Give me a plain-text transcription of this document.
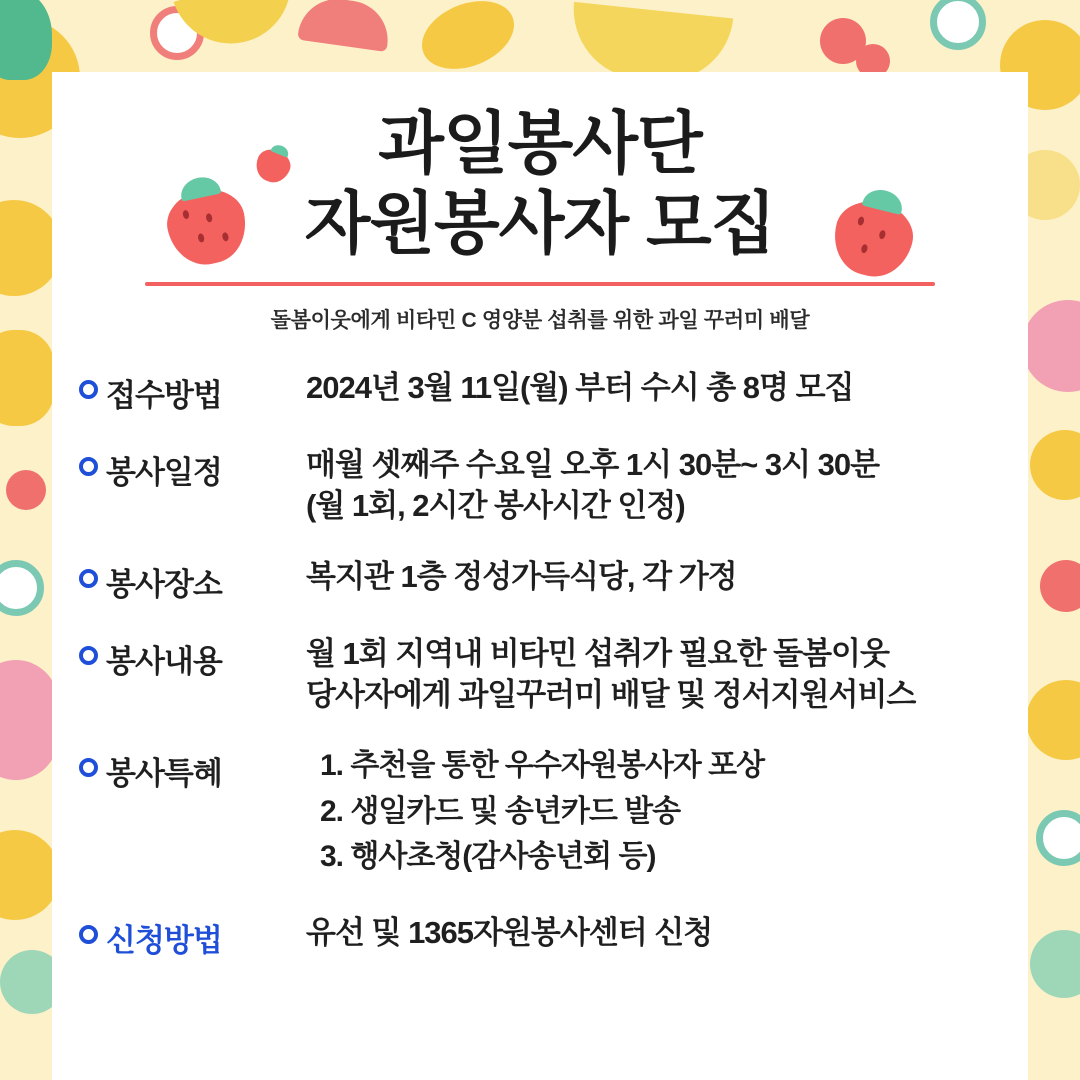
과일봉사단
자원봉사자 모집
돌봄이웃에게 비타민 C 영양분 섭취를 위한 과일 꾸러미 배달
접수방법	2024년 3월 11일(월) 부터 수시 총 8명 모집
봉사일정	매월 셋째주 수요일 오후 1시 30분~ 3시 30분
(월 1회, 2시간 봉사시간 인정)
봉사장소	복지관 1층 정성가득식당, 각 가정
봉사내용	월 1회 지역내 비타민 섭취가 필요한 돌봄이웃
당사자에게 과일꾸러미 배달 및 정서지원서비스
봉사특혜	1. 추천을 통한 우수자원봉사자 포상
2. 생일카드 및 송년카드 발송
3. 행사초청(감사송년회 등)
신청방법	유선 및 1365자원봉사센터 신청
